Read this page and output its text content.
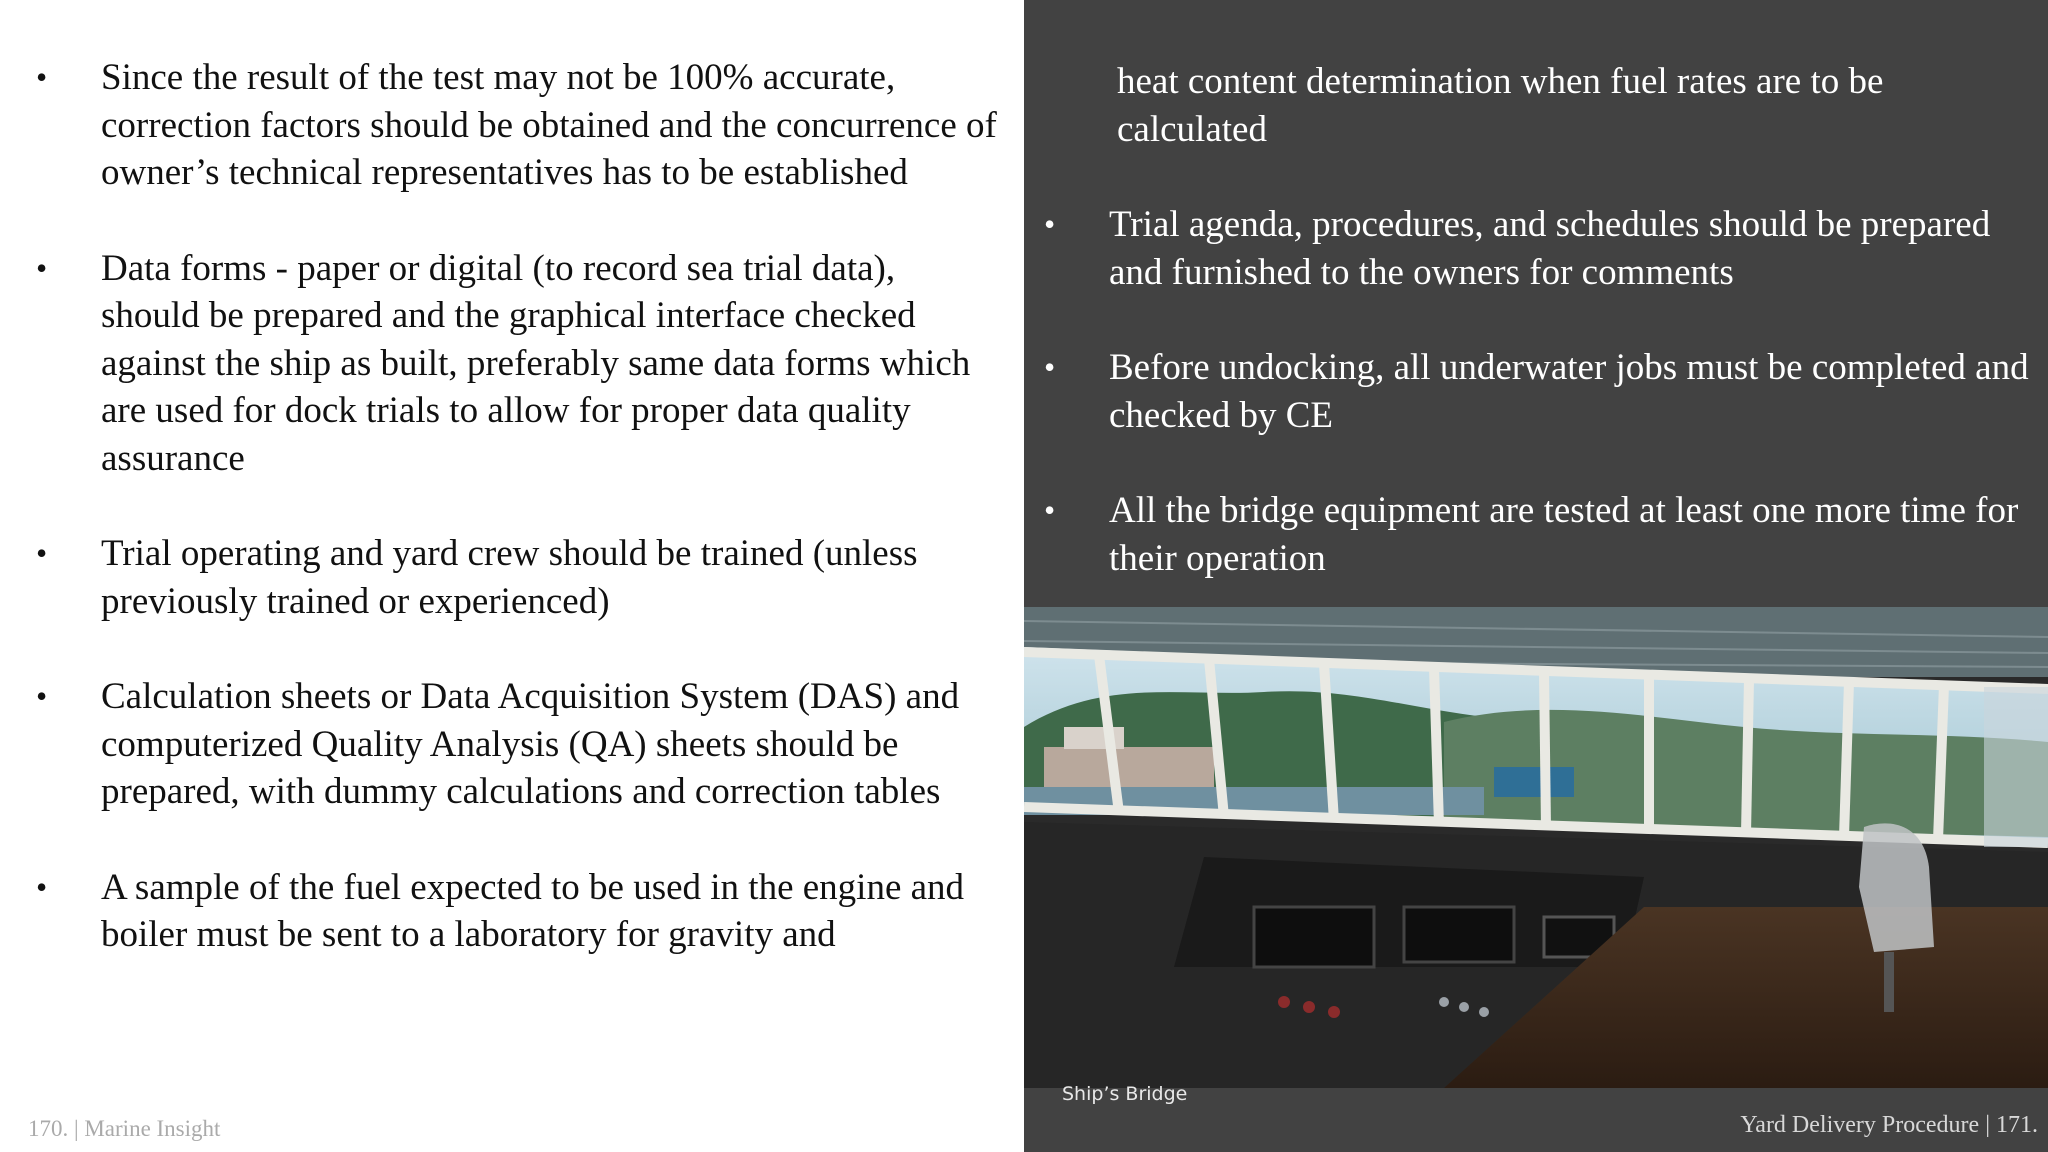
• Since the result of the test may not be 100% accurate, correction factors should be obtained and the concurrence of owner’s technical representatives has to be established
• Data forms - paper or digital (to record sea trial data), should be prepared and the graphical interface checked against the ship as built, preferably same data forms which are used for dock trials to allow for proper data quality assurance
• Trial operating and yard crew should be trained (unless previously trained or experienced)
• Calculation sheets or Data Acquisition System (DAS) and computerized Quality Analysis (QA) sheets should be prepared, with dummy calculations and correction tables
• A sample of the fuel expected to be used in the engine and boiler must be sent to a laboratory for gravity and
heat content determination when fuel rates are to be calculated
• Trial agenda, procedures, and schedules should be prepared and furnished to the owners for comments
• Before undocking, all underwater jobs must be completed and checked by CE
• All the bridge equipment are tested at least one more time for their operation
Ship’s Bridge
170. | Marine Insight	Yard Delivery Procedure | 171.
